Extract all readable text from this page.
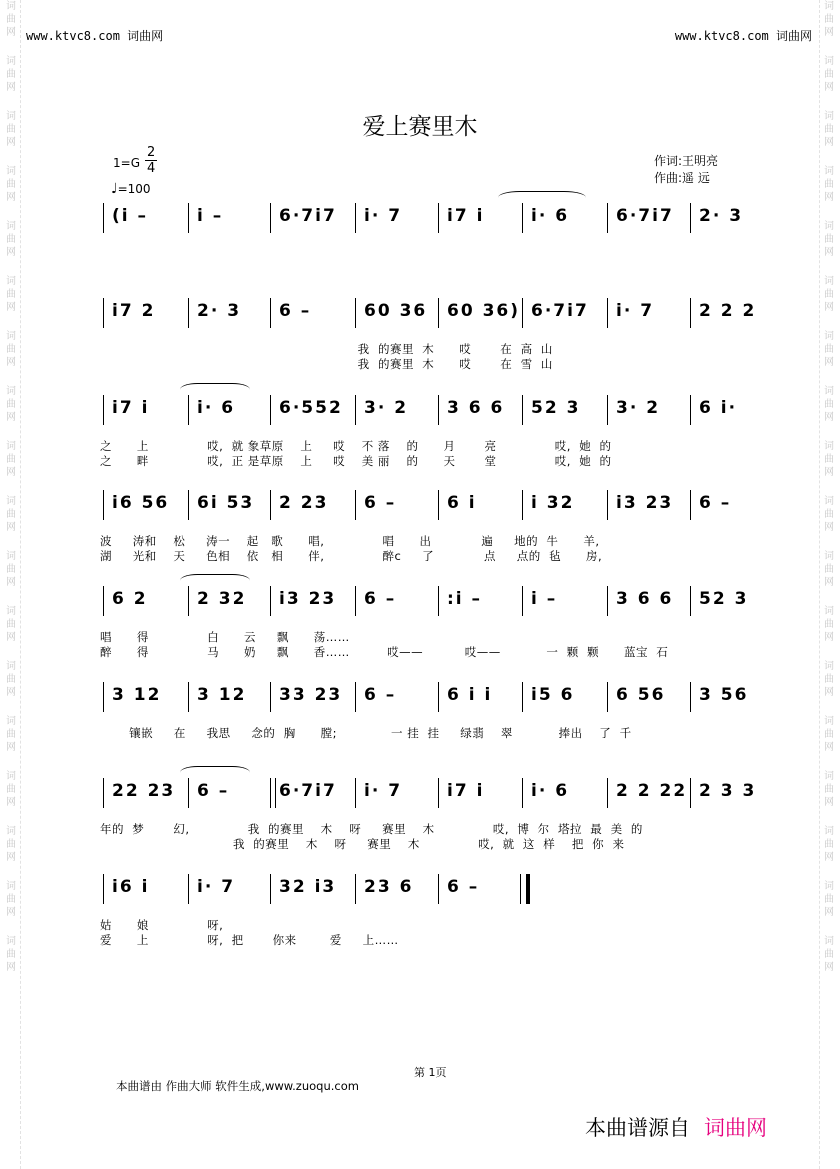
词
曲
网
词
曲
网
词
曲
网
词
曲
网
词
曲
网
词
曲
网
词
曲
网
词
曲
网
词
曲
网
词
曲
网
词
曲
网
词
曲
网
词
曲
网
词
曲
网
词
曲
网
词
曲
网
词
曲
网
词
曲
网
词
曲
网
词
曲
网
词
曲
网
词
曲
网
词
曲
网
词
曲
网
词
曲
网
词
曲
网
词
曲
网
词
曲
网
词
曲
网
词
曲
网
词
曲
网
词
曲
网
词
曲
网
词
曲
网
词
曲
网
词
曲
网
www.ktvc8.com 词曲网	www.ktvc8.com 词曲网
爱上赛里木
1=G
2
4
♩=100
作词:王明亮
作曲:遥 远
(i –	i –	6·7i7 i· 7	i7 i	i· 6	6·7i7 2· 3
i7 2 2· 3 6 –	60 36 60 36) 6·7i7 i· 7	2 2 2
我  的赛里  木      哎       在  高  山
我  的赛里  木      哎       在  雪  山
i7 i	i· 6	6·552 3· 2 3 6 6 52 3 3· 2 6 i·
之      上              哎,  就 象草原    上     哎    不 落    的      月       亮              哎,  她  的
之      畔              哎,  正 是草原    上     哎    美 丽    的      天       堂              哎,  她  的
i6 56 6i 53 2 23 6 –	6 i	i 32 i3 23 6 –
波     涛和    松     涛一    起   歌      唱,              唱      出            遍     地的  牛      羊,
湖     光和    天     色相    依   相      伴,              醉c     了            点     点的  毡      房,
6 2	2 32 i3 23 6 –	:i –	i –	3 6 6 52 3
唱      得              白      云     飘      荡……
醉      得              马      奶     飘      香……         哎——          哎——           一  颗  颗      蓝宝  石
3 12 3 12 33 23 6 –	6 i i i5 6 6 56 3 56
镶嵌     在     我思     念的  胸      膛;             一 挂  挂     绿翡    翠           捧出    了  千
22 23 6 –	6·7i7 i· 7	i7 i	i· 6	2 2 22 2 3 3
年的  梦       幻,              我  的赛里    木    呀     赛里    木              哎,  博  尔  塔拉  最  美  的
我  的赛里    木    呀     赛里    木              哎,  就  这  样    把  你  来
i6 i	i· 7	32 i3 23 6 6 –
姑      娘              呀,
爱      上              呀,  把       你来        爱     上……
第 1页
本曲谱由 作曲大师 软件生成,www.zuoqu.com
本曲谱源自 词曲网
